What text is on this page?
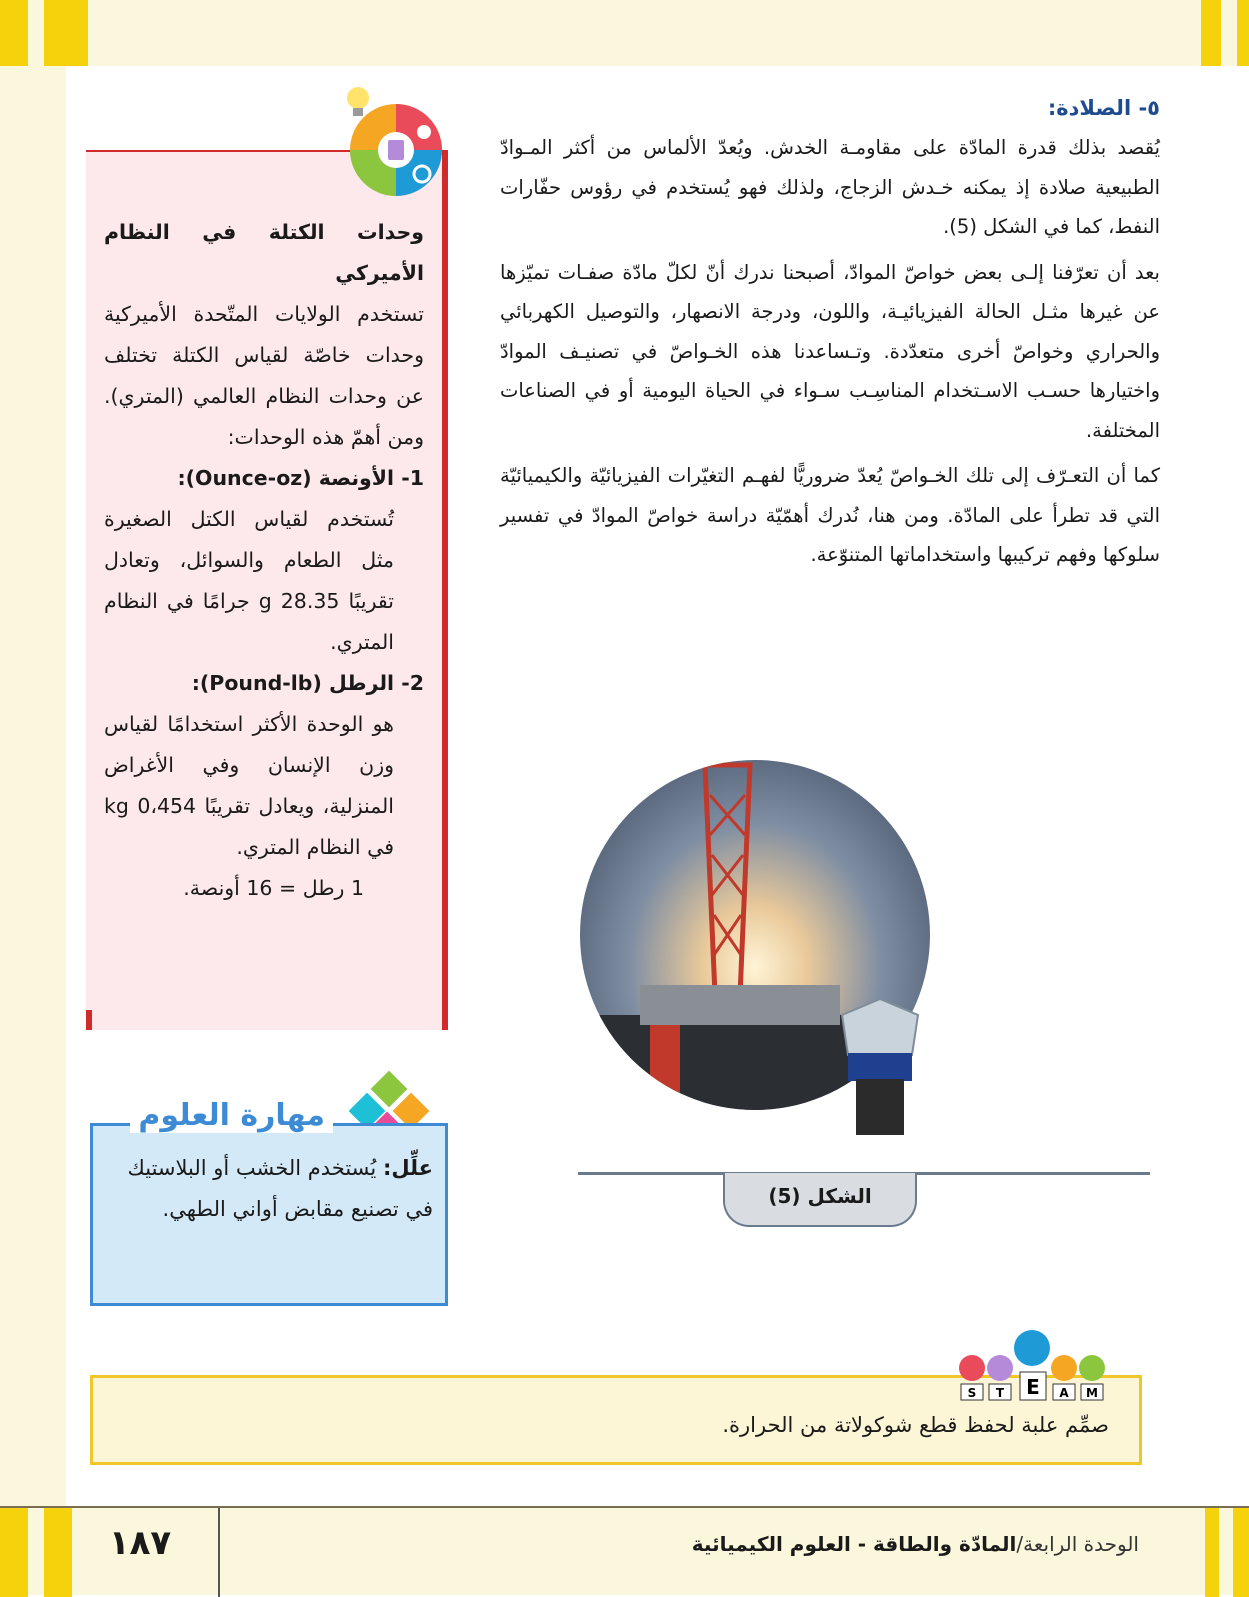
٥- الصلادة:

يُقصد بذلك قدرة المادّة على مقاومـة الخدش. ويُعدّ الألماس من أكثر المـوادّ الطبيعية صلادة إذ يمكنه خـدش الزجاج، ولذلك فهو يُستخدم في رؤوس حفّارات النفط، كما في الشكل (5).

بعد أن تعرّفنا إلـى بعض خواصّ الموادّ، أصبحنا ندرك أنّ لكلّ مادّة صفـات تميّزها عن غيرها مثـل الحالة الفيزيائيـة، واللون، ودرجة الانصهار، والتوصيل الكهربائي والحراري وخواصّ أخرى متعدّدة. وتـساعدنا هذه الخـواصّ في تصنيـف الموادّ واختيارها حسـب الاسـتخدام المناسِـب سـواء في الحياة اليومية أو في الصناعات المختلفة.

كما أن التعـرّف إلى تلك الخـواصّ يُعدّ ضروريًّا لفهـم التغيّرات الفيزيائيّة والكيميائيّة التي قد تطرأ على المادّة. ومن هنا، نُدرك أهمّيّة دراسة خواصّ الموادّ في تفسير سلوكها وفهم تركيبها واستخداماتها المتنوّعة.

وحدات الكتلة في النظام الأميركي
تستخدم الولايات المتّحدة الأميركية وحدات خاصّة لقياس الكتلة تختلف عن وحدات النظام العالمي (المتري). ومن أهمّ هذه الوحدات:
1- الأونصة (Ounce-oz):
تُستخدم لقياس الكتل الصغيرة مثل الطعام والسوائل، وتعادل تقريبًا 28.35 g جرامًا في النظام المتري.
2- الرطل (Pound-lb):
هو الوحدة الأكثر استخدامًا لقياس وزن الإنسان وفي الأغراض المنزلية، ويعادل تقريبًا 0،454 kg في النظام المتري.
1 رطل = 16 أونصة.
مهارة العلوم
علِّل: يُستخدم الخشب أو البلاستيك في تصنيع مقابض أواني الطهي.
الشكل (5)
صمِّم علبة لحفظ قطع شوكولاتة من الحرارة.
S T E A M
١٨٧	الوحدة الرابعة/المادّة والطاقة - العلوم الكيميائية
